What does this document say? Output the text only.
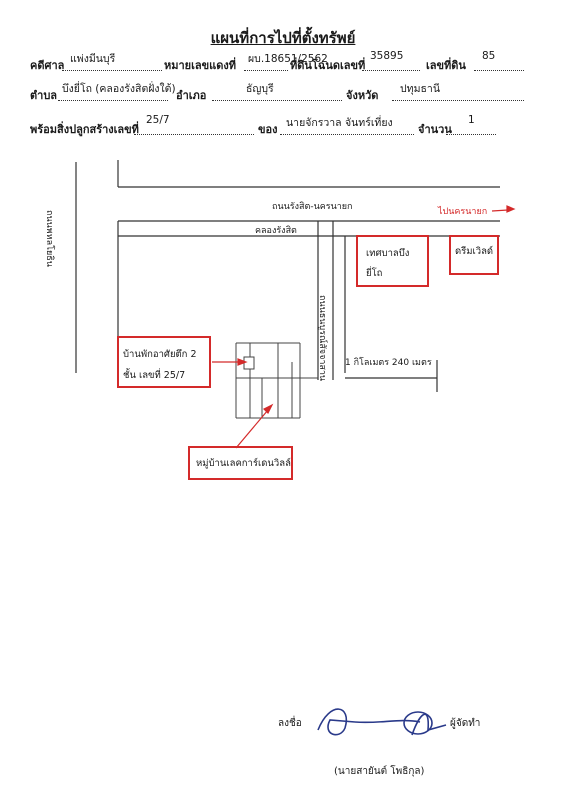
แผนที่การไปที่ตั้งทรัพย์
คดีศาล แพ่งมีนบุรี	หมายเลขแดงที่ ผบ.18651/2562
ที่ดินโฉนดเลขที่
35895
เลขที่ดิน
85
ตำบล บึงยี่โถ (คลองรังสิตฝั่งใต้) อำเภอ	ธัญบุรี	จังหวัด ปทุมธานี
พร้อมสิ่งปลูกสร้างเลขที่
25/7
ของ นายจักรวาล จันทร์เที่ยง จำนวน
1
ถนนรังสิต-นครนายก	ไปนครนายก
คลองรังสิต
ถนนพหลโยธิน
ถนนธนบูรณ์สัจจาสาน	1 กิโลเมตร 240 เมตร
เทศบาลบึง
ยี่โถ
ดรีมเวิลด์
บ้านพักอาศัยตึก 2
ชั้น เลขที่ 25/7
หมู่บ้านเลคการ์เดนวิลล์
ลงชื่อ	ผู้จัดทำ
(นายสายันต์ โพธิกุล)
